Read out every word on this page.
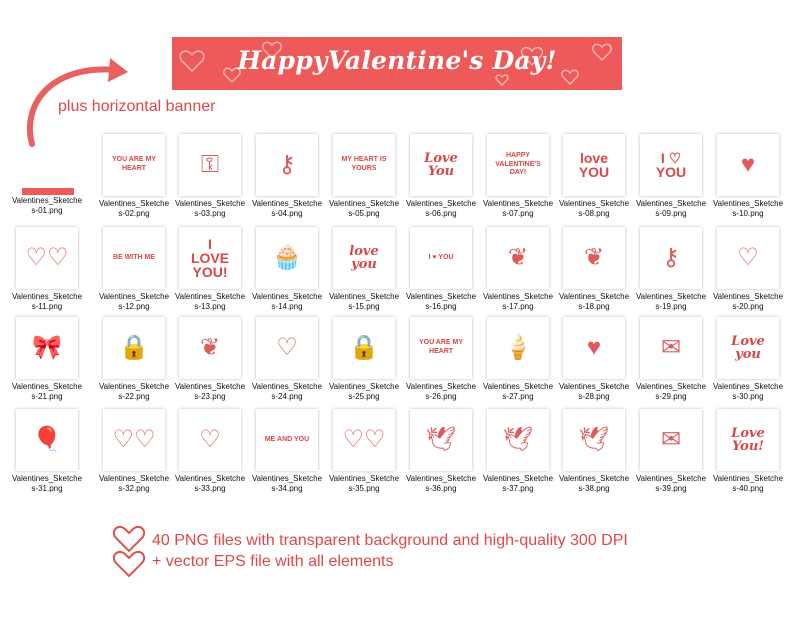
HappyValentine's Day!
plus horizontal banner
Valentines_Sketches-01.png
YOU ARE MY HEART
Valentines_Sketches-02.png
⚿
Valentines_Sketches-03.png
⚷
Valentines_Sketches-04.png
MY HEART IS YOURS
Valentines_Sketches-05.png
Love You
Valentines_Sketches-06.png
HAPPY VALENTINE'S DAY!
Valentines_Sketches-07.png
love YOU
Valentines_Sketches-08.png
I ♡ YOU
Valentines_Sketches-09.png
♥
Valentines_Sketches-10.png
♡♡
Valentines_Sketches-11.png
BE WITH ME
Valentines_Sketches-12.png
I LOVE YOU!
Valentines_Sketches-13.png
🧁
Valentines_Sketches-14.png
love you
Valentines_Sketches-15.png
I ♥ YOU
Valentines_Sketches-16.png
❦
Valentines_Sketches-17.png
❦
Valentines_Sketches-18.png
⚷
Valentines_Sketches-19.png
♡
Valentines_Sketches-20.png
🎀
Valentines_Sketches-21.png
🔒
Valentines_Sketches-22.png
❦
Valentines_Sketches-23.png
♡
Valentines_Sketches-24.png
🔒
Valentines_Sketches-25.png
YOU ARE MY HEART
Valentines_Sketches-26.png
🍦
Valentines_Sketches-27.png
♥
Valentines_Sketches-28.png
✉
Valentines_Sketches-29.png
Love you
Valentines_Sketches-30.png
🎈
Valentines_Sketches-31.png
♡♡
Valentines_Sketches-32.png
♡
Valentines_Sketches-33.png
ME AND YOU
Valentines_Sketches-34.png
♡♡
Valentines_Sketches-35.png
🕊
Valentines_Sketches-36.png
🕊
Valentines_Sketches-37.png
🕊
Valentines_Sketches-38.png
✉
Valentines_Sketches-39.png
Love You!
Valentines_Sketches-40.png
40 PNG files with transparent background and high-quality 300 DPI
+ vector EPS file with all elements
